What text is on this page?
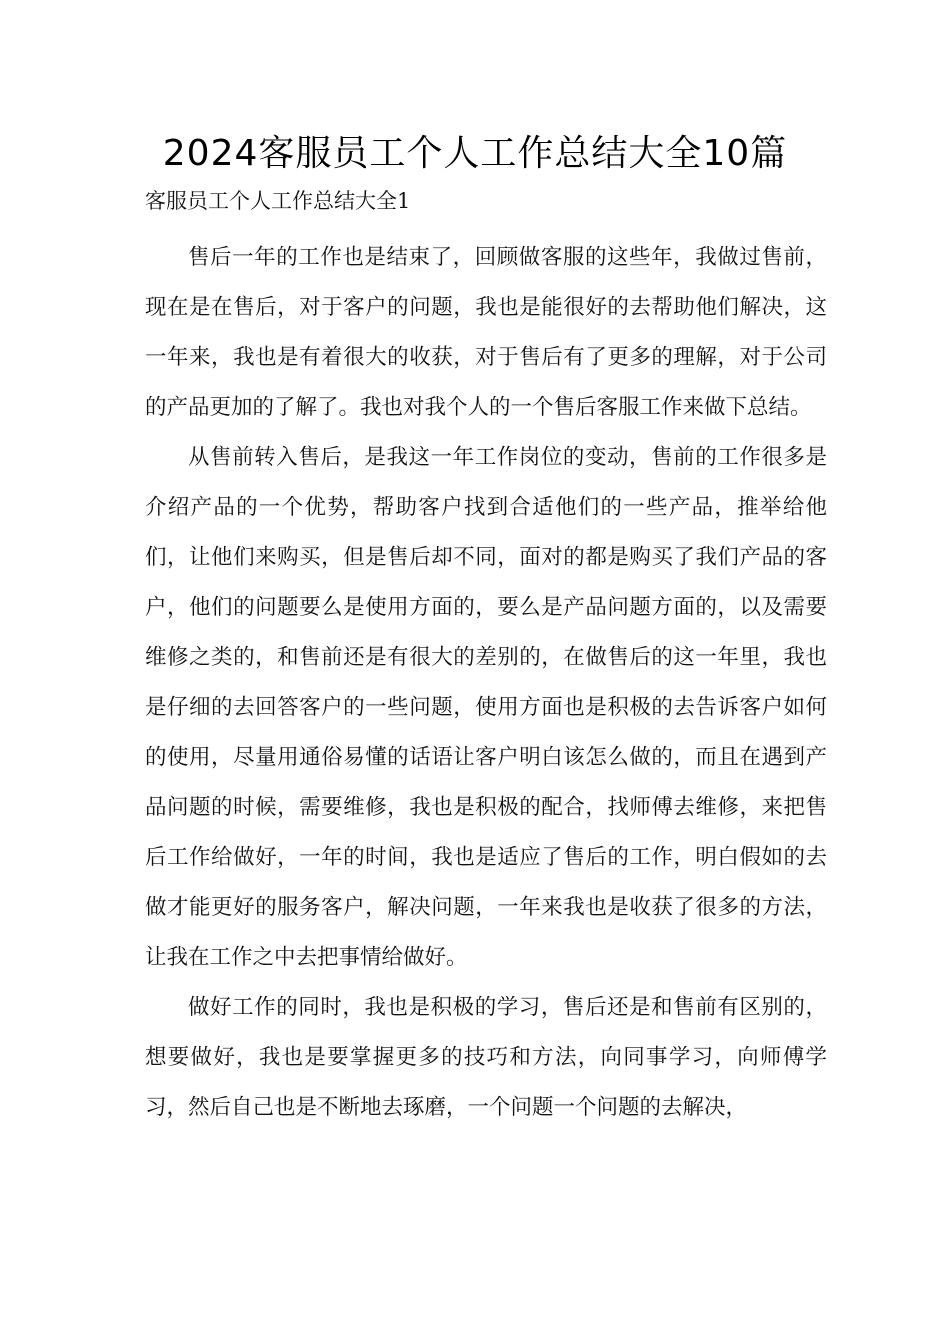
2024客服员工个人工作总结大全10篇

客服员工个人工作总结大全1

售后一年的工作也是结束了，回顾做客服的这些年，我做过售前，现在是在售后，对于客户的问题，我也是能很好的去帮助他们解决，这一年来，我也是有着很大的收获，对于售后有了更多的理解，对于公司的产品更加的了解了。我也对我个人的一个售后客服工作来做下总结。

从售前转入售后，是我这一年工作岗位的变动，售前的工作很多是介绍产品的一个优势，帮助客户找到合适他们的一些产品，推举给他们，让他们来购买，但是售后却不同，面对的都是购买了我们产品的客户，他们的问题要么是使用方面的，要么是产品问题方面的，以及需要维修之类的，和售前还是有很大的差别的，在做售后的这一年里，我也是仔细的去回答客户的一些问题，使用方面也是积极的去告诉客户如何的使用，尽量用通俗易懂的话语让客户明白该怎么做的，而且在遇到产品问题的时候，需要维修，我也是积极的配合，找师傅去维修，来把售后工作给做好，一年的时间，我也是适应了售后的工作，明白假如的去做才能更好的服务客户，解决问题，一年来我也是收获了很多的方法，让我在工作之中去把事情给做好。

做好工作的同时，我也是积极的学习，售后还是和售前有区别的，想要做好，我也是要掌握更多的技巧和方法，向同事学习，向师傅学习，然后自己也是不断地去琢磨，一个问题一个问题的去解决，
